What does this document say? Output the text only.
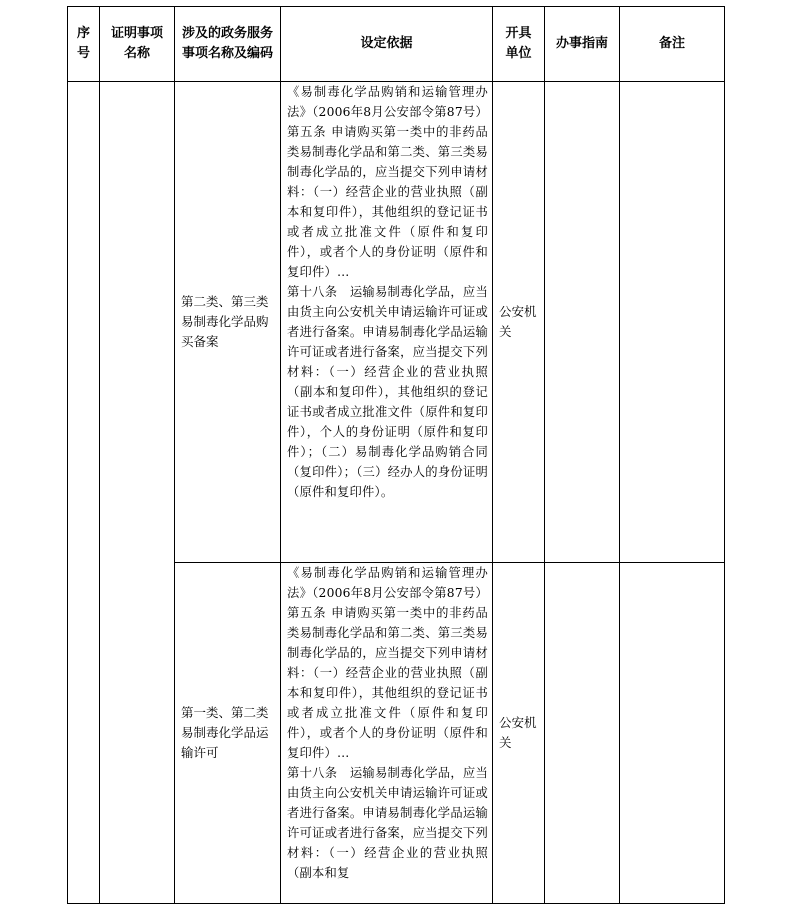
序号	证明事项名称	涉及的政务服务事项名称及编码	设定依据	开具单位	办事指南	备注
		第二类、第三类易制毒化学品购买备案	《易制毒化学品购销和运输管理办法》（2006年8月公安部令第87号）第五条 申请购买第一类中的非药品类易制毒化学品和第二类、第三类易制毒化学品的，应当提交下列申请材料：（一）经营企业的营业执照（副本和复印件），其他组织的登记证书或者成立批准文件（原件和复印件），或者个人的身份证明（原件和复印件）…

第十八条　运输易制毒化学品，应当由货主向公安机关申请运输许可证或者进行备案。申请易制毒化学品运输许可证或者进行备案，应当提交下列材料：（一）经营企业的营业执照（副本和复印件），其他组织的登记证书或者成立批准文件（原件和复印件），个人的身份证明（原件和复印件）；（二）易制毒化学品购销合同（复印件）；（三）经办人的身份证明（原件和复印件）。	公安机关		
		第一类、第二类易制毒化学品运输许可	《易制毒化学品购销和运输管理办法》（2006年8月公安部令第87号）第五条 申请购买第一类中的非药品类易制毒化学品和第二类、第三类易制毒化学品的，应当提交下列申请材料：（一）经营企业的营业执照（副本和复印件），其他组织的登记证书或者成立批准文件（原件和复印件），或者个人的身份证明（原件和复印件）…

第十八条　运输易制毒化学品，应当由货主向公安机关申请运输许可证或者进行备案。申请易制毒化学品运输许可证或者进行备案，应当提交下列材料：（一）经营企业的营业执照（副本和复	公安机关		
